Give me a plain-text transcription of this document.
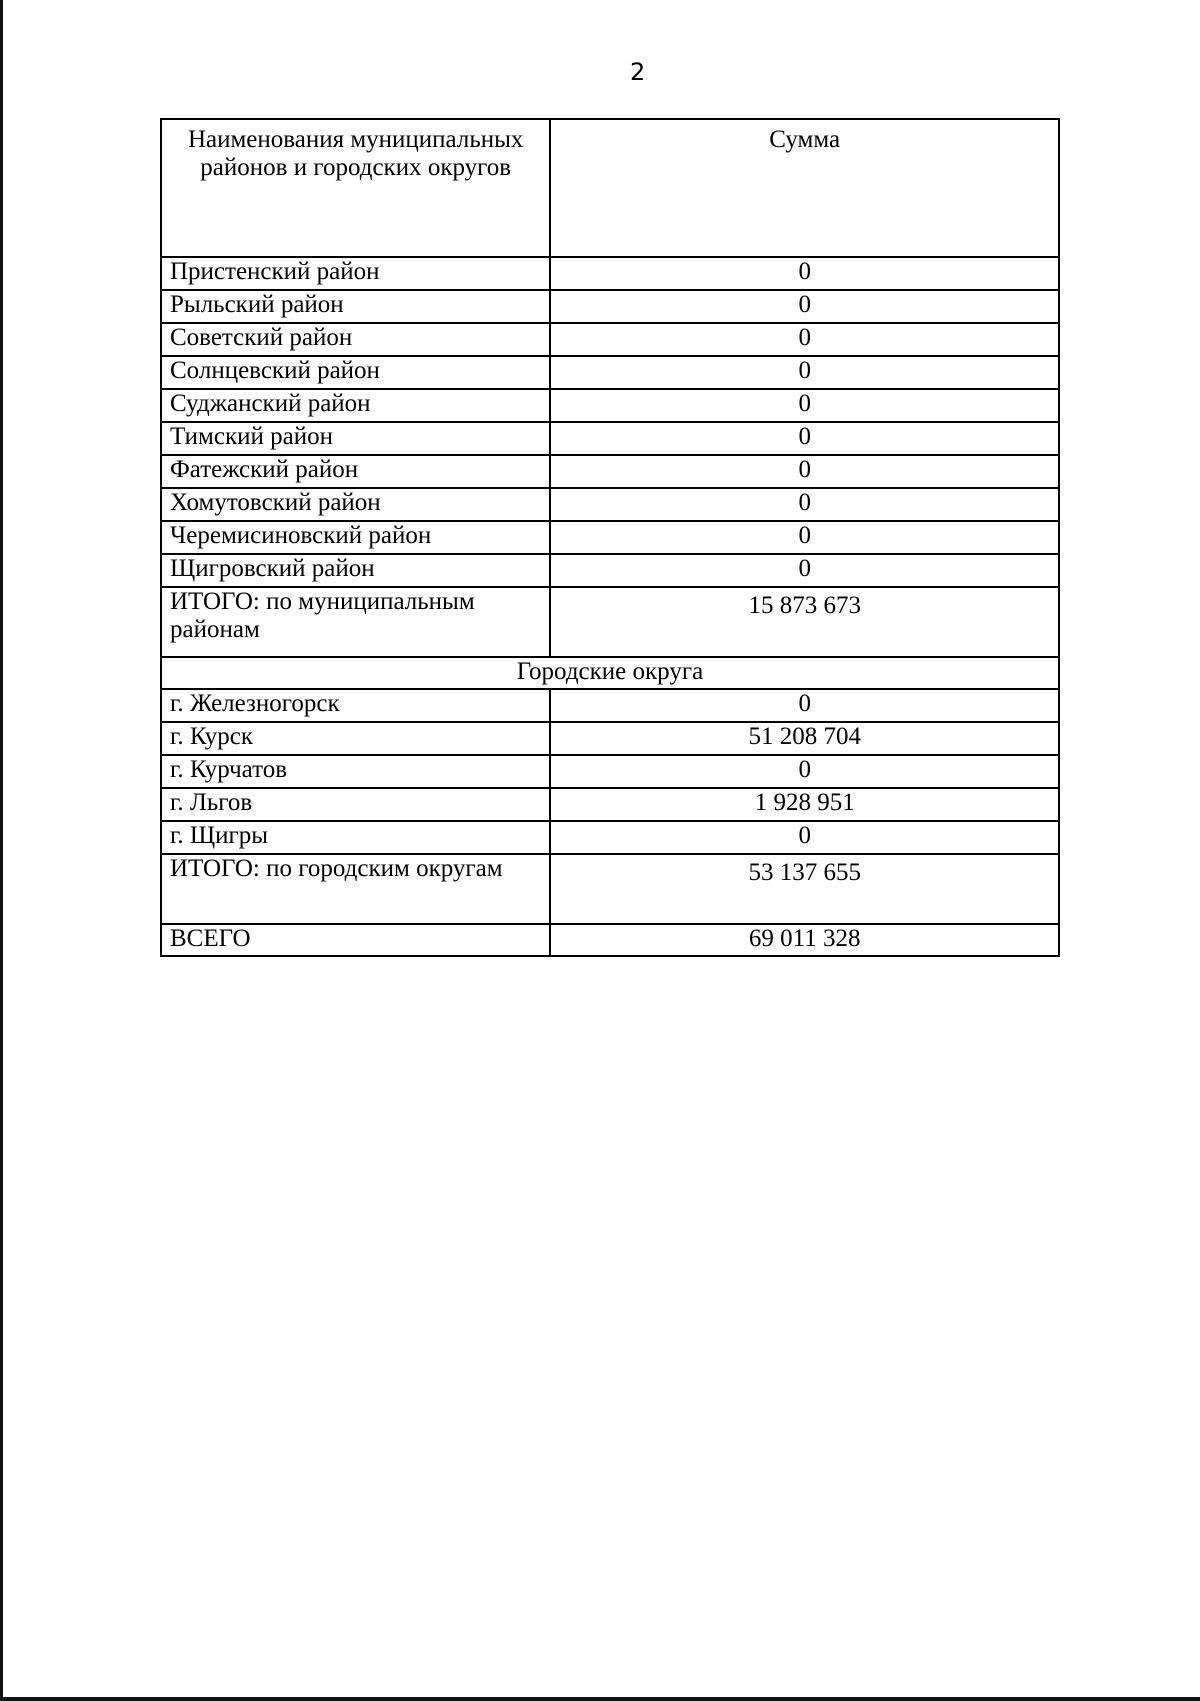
2
Наименования муниципальных районов и городских округов	Сумма
Пристенский район	0
Рыльский район	0
Советский район	0
Солнцевский район	0
Суджанский район	0
Тимский район	0
Фатежский район	0
Хомутовский район	0
Черемисиновский район	0
Щигровский район	0
ИТОГО: по муниципальным районам	15 873 673
Городские округа	
г. Железногорск	0
г. Курск	51 208 704
г. Курчатов	0
г. Льгов	1 928 951
г. Щигры	0
ИТОГО: по городским округам	53 137 655
ВСЕГО	69 011 328
